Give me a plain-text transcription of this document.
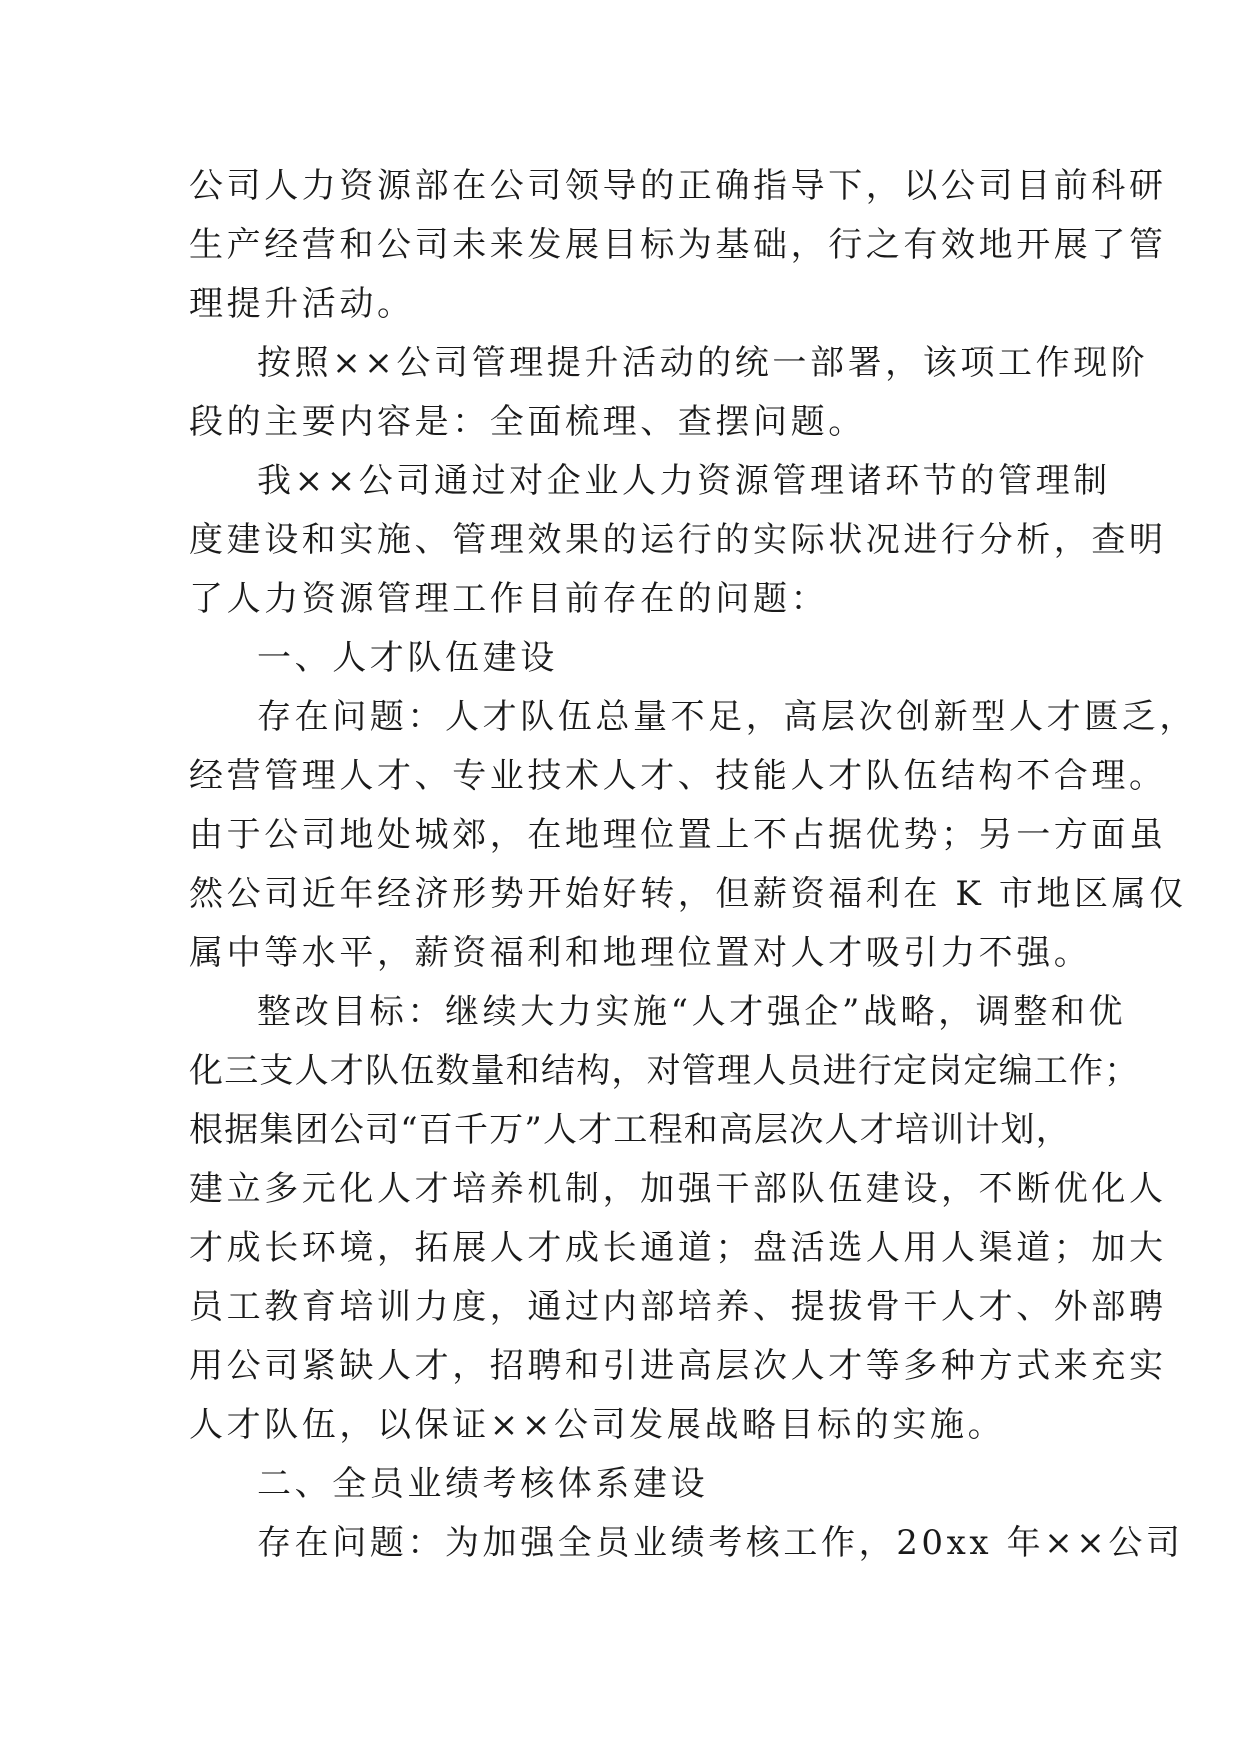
公司人力资源部在公司领导的正确指导下，以公司目前科研
生产经营和公司未来发展目标为基础，行之有效地开展了管
理提升活动。
按照××公司管理提升活动的统一部署，该项工作现阶
段的主要内容是：全面梳理、查摆问题。
我××公司通过对企业人力资源管理诸环节的管理制
度建设和实施、管理效果的运行的实际状况进行分析，查明
了人力资源管理工作目前存在的问题：
一、人才队伍建设
存在问题：人才队伍总量不足，高层次创新型人才匮乏，
经营管理人才、专业技术人才、技能人才队伍结构不合理。
由于公司地处城郊，在地理位置上不占据优势；另一方面虽
然公司近年经济形势开始好转，但薪资福利在 K 市地区属仅
属中等水平，薪资福利和地理位置对人才吸引力不强。
整改目标：继续大力实施“人才强企”战略，调整和优
化三支人才队伍数量和结构，对管理人员进行定岗定编工作；
根据集团公司“百千万”人才工程和高层次人才培训计划，
建立多元化人才培养机制，加强干部队伍建设，不断优化人
才成长环境，拓展人才成长通道；盘活选人用人渠道；加大
员工教育培训力度，通过内部培养、提拔骨干人才、外部聘
用公司紧缺人才，招聘和引进高层次人才等多种方式来充实
人才队伍，以保证××公司发展战略目标的实施。
二、全员业绩考核体系建设
存在问题：为加强全员业绩考核工作，20xx 年××公司
